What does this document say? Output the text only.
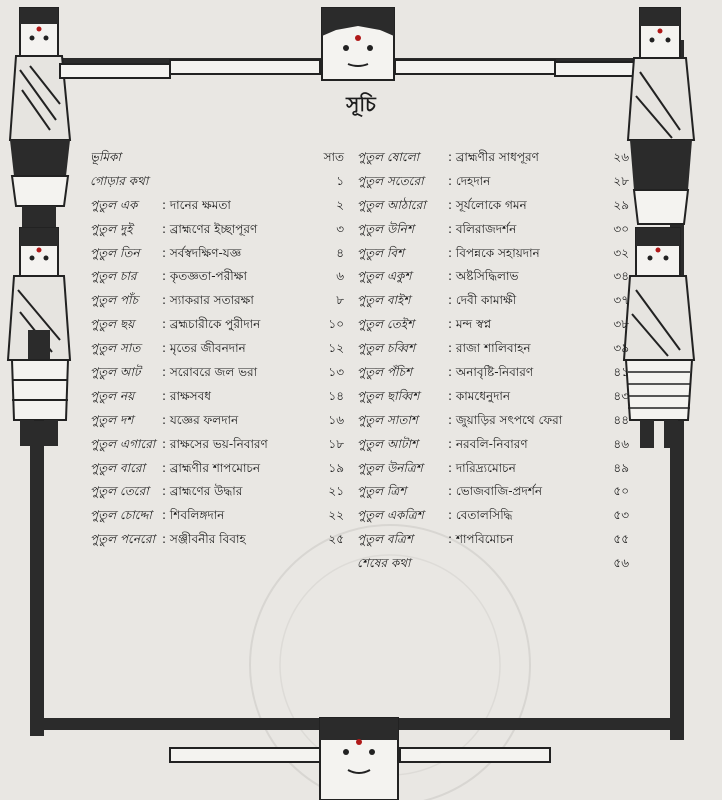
সূচি
ভূমিকা	সাত
গোড়ার কথা	১
পুতুল এক : দানের ক্ষমতা	২
পুতুল দুই : ব্রাহ্মণের ইচ্ছাপূরণ	৩
পুতুল তিন : সর্বস্বদক্ষিণ-যজ্ঞ	৪
পুতুল চার : কৃতজ্ঞতা-পরীক্ষা	৬
পুতুল পাঁচ : স্যাকরার সতারক্ষা	৮
পুতুল ছয় : ব্রহ্মচারীকে পুরীদান	১০
পুতুল সাত : মৃতের জীবনদান	১২
পুতুল আট : সরোবরে জল ভরা	১৩
পুতুল নয় : রাক্ষসবধ	১৪
পুতুল দশ : যজ্ঞের ফলদান	১৬
পুতুল এগারো : রাক্ষসের ভয়-নিবারণ	১৮
পুতুল বারো : ব্রাহ্মণীর শাপমোচন	১৯
পুতুল তেরো : ব্রাহ্মণের উদ্ধার	২১
পুতুল চোদ্দো : শিবলিঙ্গদান	২২
পুতুল পনেরো : সঞ্জীবনীর বিবাহ	২৫
পুতুল ষোলো : ব্রাহ্মণীর সাধপূরণ	২৬
পুতুল সতেরো : দেহদান	২৮
পুতুল আঠারো : সূর্যলোকে গমন	২৯
পুতুল উনিশ	: বলিরাজদর্শন	৩০
পুতুল বিশ	: বিপন্নকে সহায়দান	৩২
পুতুল একুশ	: অষ্টসিদ্ধিলাভ	৩৪
পুতুল বাইশ	: দেবী কামাক্ষী	৩৭
পুতুল তেইশ	: মন্দ স্বপ্ন	৩৮
পুতুল চব্বিশ	: রাজা শালিবাহন	৩৯
পুতুল পঁচিশ	: অনাবৃষ্টি-নিবারণ	৪১
পুতুল ছাব্বিশ : কামধেনুদান	৪৩
পুতুল সাতাশ	: জুয়াড়ির সৎপথে ফেরা	৪৪
পুতুল আটাশ : নরবলি-নিবারণ	৪৬
পুতুল উনত্রিশ : দারিদ্র্যমোচন	৪৯
পুতুল ত্রিশ	: ভোজবাজি-প্রদর্শন	৫০
পুতুল একত্রিশ : বেতালসিদ্ধি	৫৩
পুতুল বত্রিশ	: শাপবিমোচন	৫৫
শেষের কথা	৫৬
